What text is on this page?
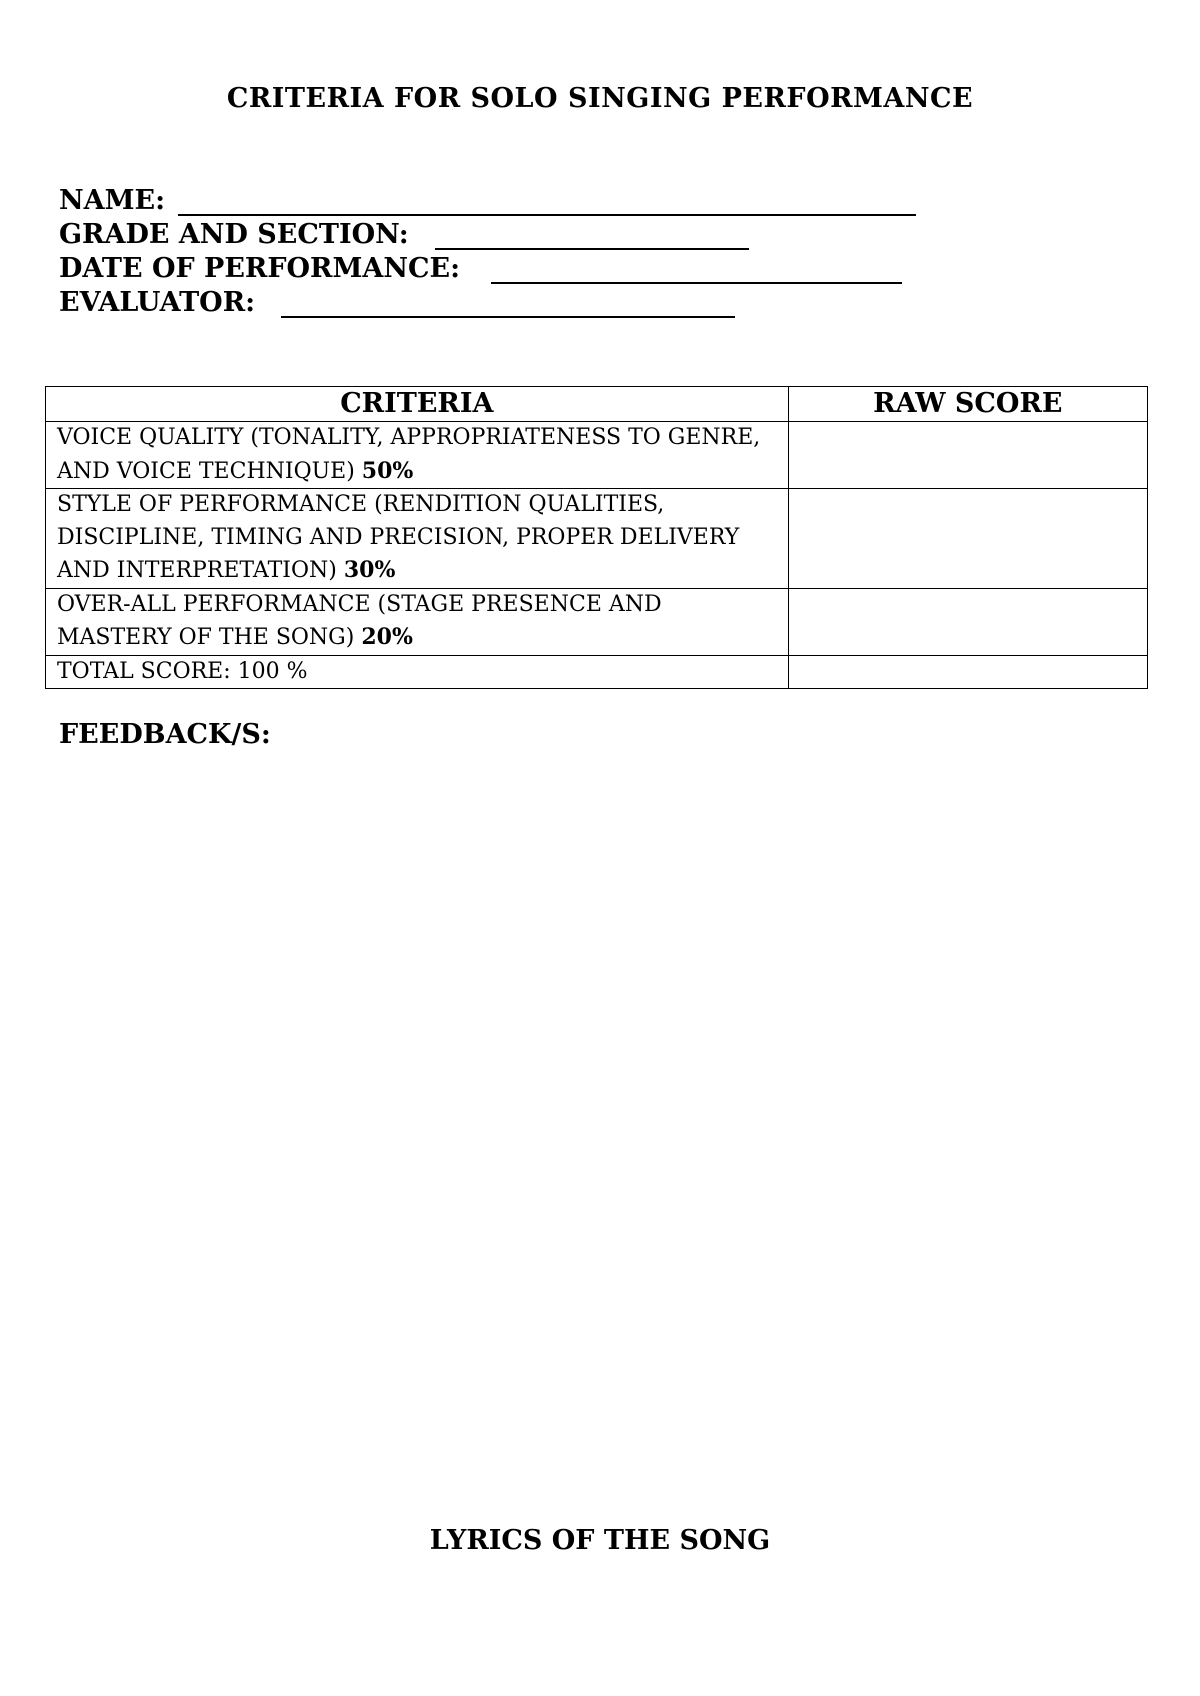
CRITERIA FOR SOLO SINGING PERFORMANCE
NAME:
GRADE AND SECTION:
DATE OF PERFORMANCE:
EVALUATOR:
CRITERIA	RAW SCORE
VOICE QUALITY (TONALITY, APPROPRIATENESS TO GENRE, AND VOICE TECHNIQUE) 50%	
STYLE OF PERFORMANCE (RENDITION QUALITIES, DISCIPLINE, TIMING AND PRECISION, PROPER DELIVERY AND INTERPRETATION) 30%	
OVER-ALL PERFORMANCE (STAGE PRESENCE AND MASTERY OF THE SONG) 20%	
TOTAL SCORE: 100 %	
FEEDBACK/S:
LYRICS OF THE SONG
